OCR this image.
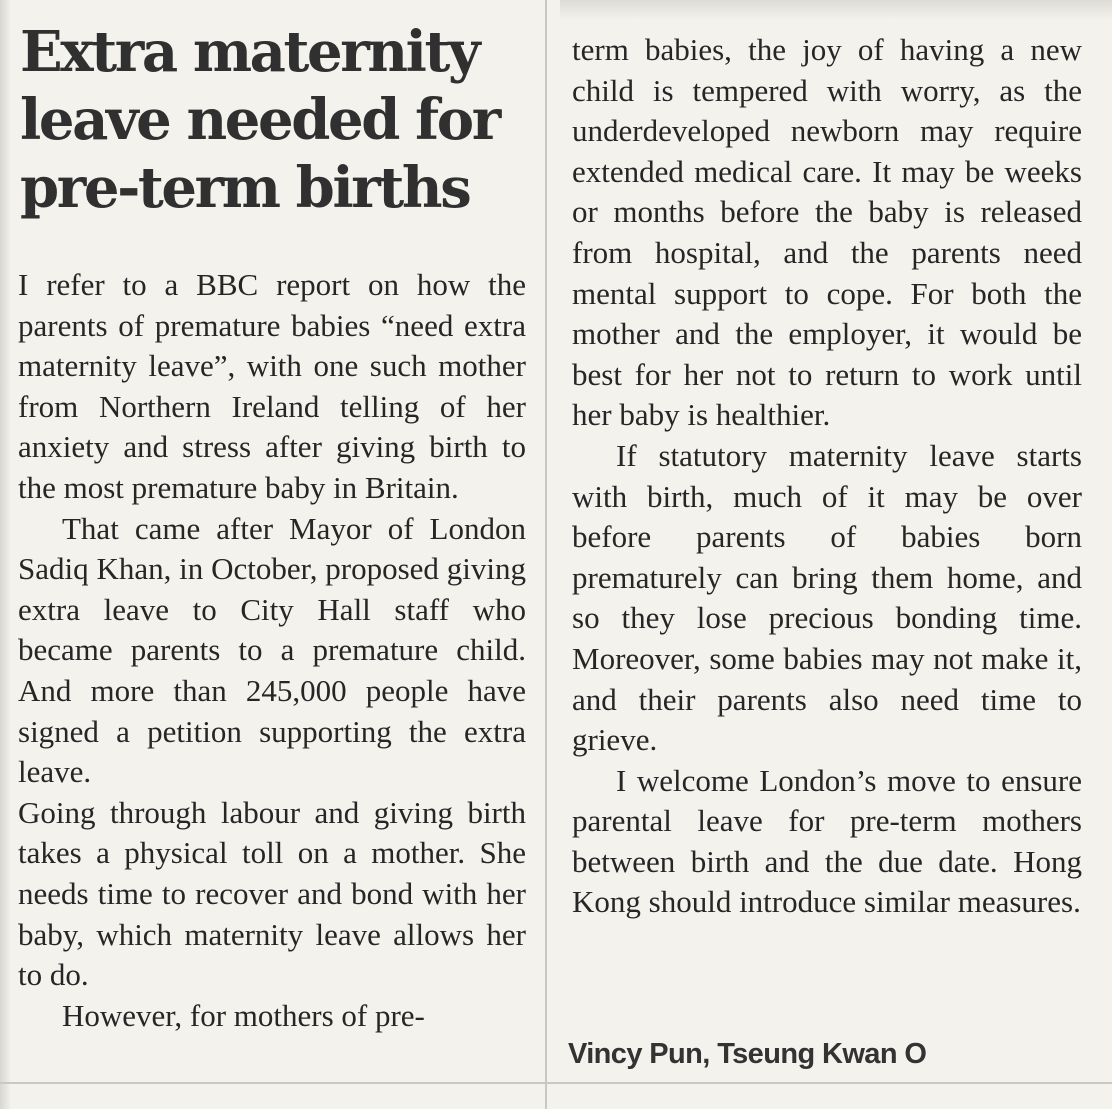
Extra maternity leave needed for pre-term births

I refer to a BBC report on how the parents of premature babies “need extra maternity leave”, with one such mother from Northern Ireland telling of her anxiety and stress after giving birth to the most premature baby in Britain.

That came after Mayor of London Sadiq Khan, in October, proposed giving extra leave to City Hall staff who became parents to a premature child. And more than 245,000 people have signed a petition supporting the extra leave.

Going through labour and giving birth takes a physical toll on a mother. She needs time to recover and bond with her baby, which maternity leave allows her to do.

However, for mothers of pre-

term babies, the joy of having a new child is tempered with worry, as the underdeveloped newborn may require extended medical care. It may be weeks or months before the baby is released from hospital, and the parents need mental support to cope. For both the mother and the employer, it would be best for her not to return to work until her baby is healthier.

If statutory maternity leave starts with birth, much of it may be over before parents of babies born prematurely can bring them home, and so they lose precious bonding time. Moreover, some babies may not make it, and their parents also need time to grieve.

I welcome London’s move to ensure parental leave for pre-term mothers between birth and the due date. Hong Kong should introduce similar measures.

Vincy Pun, Tseung Kwan O
